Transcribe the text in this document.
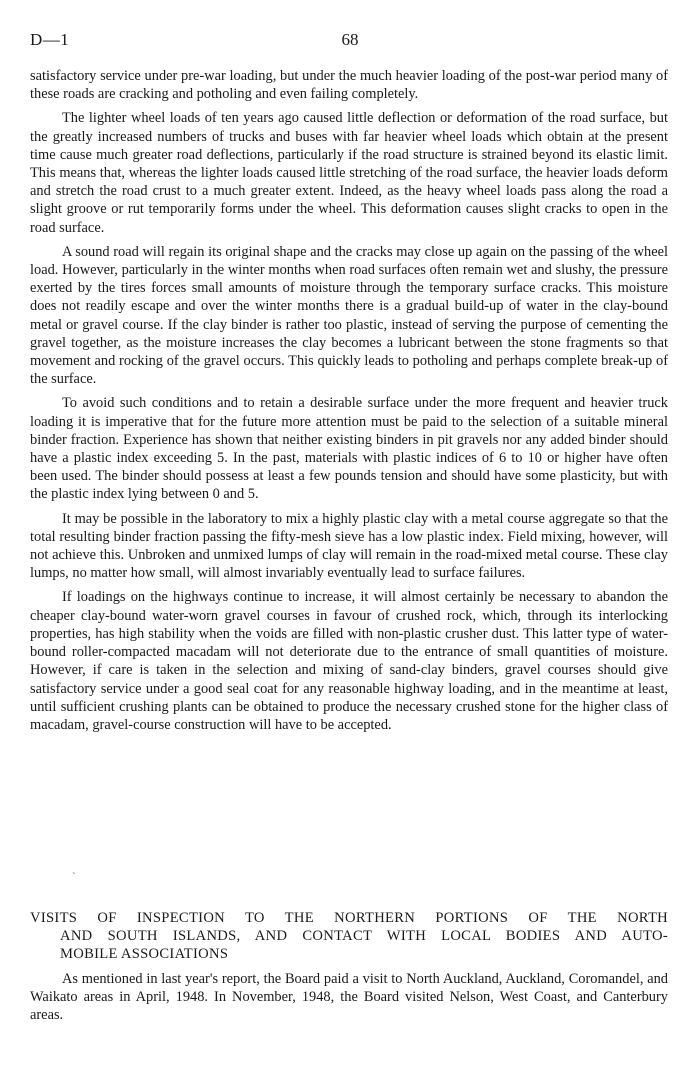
D—1	68

satisfactory service under pre-war loading, but under the much heavier loading of the post-war period many of these roads are cracking and potholing and even failing completely.

The lighter wheel loads of ten years ago caused little deflection or deformation of the road surface, but the greatly increased numbers of trucks and buses with far heavier wheel loads which obtain at the present time cause much greater road deflections, particularly if the road structure is strained beyond its elastic limit. This means that, whereas the lighter loads caused little stretching of the road surface, the heavier loads deform and stretch the road crust to a much greater extent. Indeed, as the heavy wheel loads pass along the road a slight groove or rut temporarily forms under the wheel. This deformation causes slight cracks to open in the road surface.

A sound road will regain its original shape and the cracks may close up again on the passing of the wheel load. However, particularly in the winter months when road surfaces often remain wet and slushy, the pressure exerted by the tires forces small amounts of moisture through the temporary surface cracks. This moisture does not readily escape and over the winter months there is a gradual build-up of water in the clay-bound metal or gravel course. If the clay binder is rather too plastic, instead of serving the purpose of cementing the gravel together, as the moisture increases the clay becomes a lubricant between the stone fragments so that movement and rocking of the gravel occurs. This quickly leads to potholing and perhaps complete break-up of the surface.

To avoid such conditions and to retain a desirable surface under the more frequent and heavier truck loading it is imperative that for the future more attention must be paid to the selection of a suitable mineral binder fraction. Experience has shown that neither existing binders in pit gravels nor any added binder should have a plastic index exceeding 5. In the past, materials with plastic indices of 6 to 10 or higher have often been used. The binder should possess at least a few pounds tension and should have some plasticity, but with the plastic index lying between 0 and 5.

It may be possible in the laboratory to mix a highly plastic clay with a metal course aggregate so that the total resulting binder fraction passing the fifty-mesh sieve has a low plastic index. Field mixing, however, will not achieve this. Unbroken and unmixed lumps of clay will remain in the road-mixed metal course. These clay lumps, no matter how small, will almost invariably eventually lead to surface failures.

If loadings on the highways continue to increase, it will almost certainly be necessary to abandon the cheaper clay-bound water-worn gravel courses in favour of crushed rock, which, through its interlocking properties, has high stability when the voids are filled with non-plastic crusher dust. This latter type of water-bound roller-compacted macadam will not deteriorate due to the entrance of small quantities of moisture. However, if care is taken in the selection and mixing of sand-clay binders, gravel courses should give satisfactory service under a good seal coat for any reasonable highway loading, and in the meantime at least, until sufficient crushing plants can be obtained to produce the necessary crushed stone for the higher class of macadam, gravel-course construction will have to be accepted.

`
VISITS OF INSPECTION TO THE NORTHERN PORTIONS OF THE NORTH
AND SOUTH ISLANDS, AND CONTACT WITH LOCAL BODIES AND AUTO-
MOBILE ASSOCIATIONS

As mentioned in last year's report, the Board paid a visit to North Auckland, Auckland, Coromandel, and Waikato areas in April, 1948. In November, 1948, the Board visited Nelson, West Coast, and Canterbury areas.
